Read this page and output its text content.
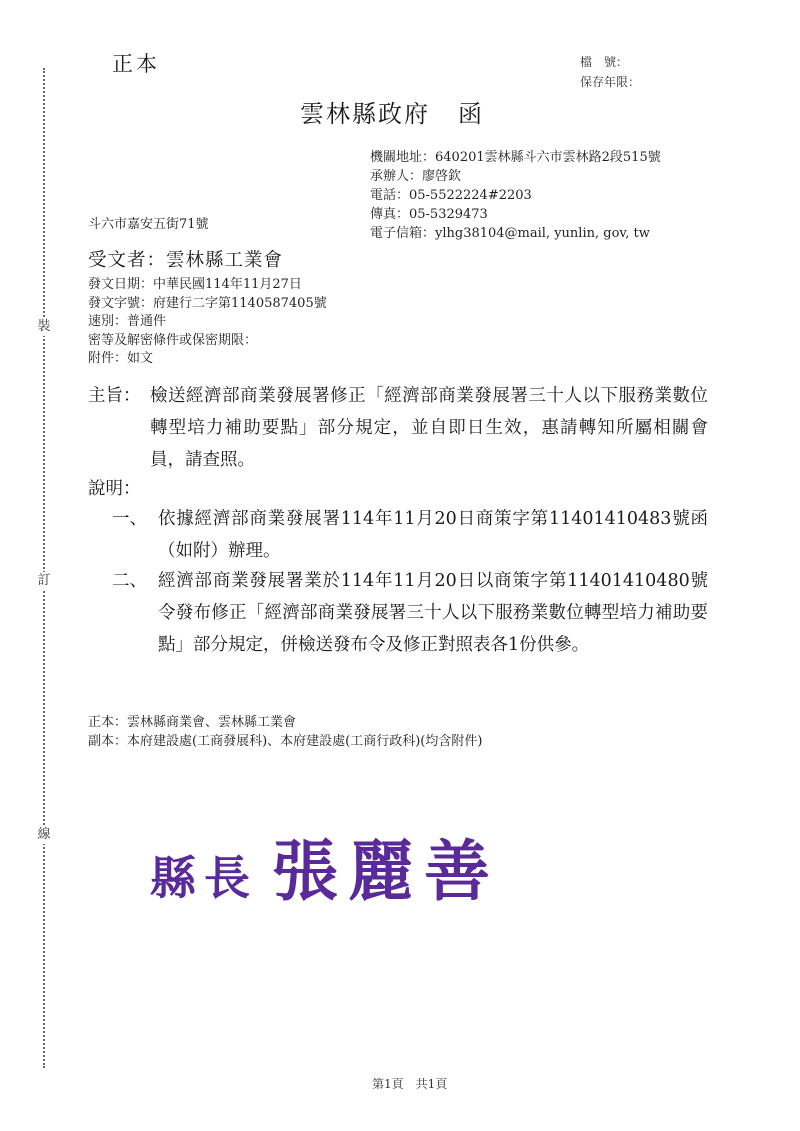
裝
訂
線
正本	檔　號：
保存年限：
雲林縣政府 函
機關地址：640201雲林縣斗六市雲林路2段515號
承辦人：廖啓欽
電話：05-5522224#2203
傳真：05-5329473
電子信箱：ylhg38104@mail, yunlin, gov, tw
斗六市嘉安五街71號
受文者：雲林縣工業會
發文日期：中華民國114年11月27日
發文字號：府建行二字第1140587405號
速別：普通件
密等及解密條件或保密期限：
附件：如文
主旨： 檢送經濟部商業發展署修正「經濟部商業發展署三十人以下服務業數位轉型培力補助要點」部分規定，並自即日生效，惠請轉知所屬相關會員，請查照。
說明：
一、 依據經濟部商業發展署114年11月20日商策字第11401410483號函（如附）辦理。
二、 經濟部商業發展署業於114年11月20日以商策字第11401410480號令發布修正「經濟部商業發展署三十人以下服務業數位轉型培力補助要點」部分規定，併檢送發布令及修正對照表各1份供參。
正本：雲林縣商業會、雲林縣工業會
副本：本府建設處(工商發展科)、本府建設處(工商行政科)(均含附件)
縣長 張麗善
第1頁　共1頁
